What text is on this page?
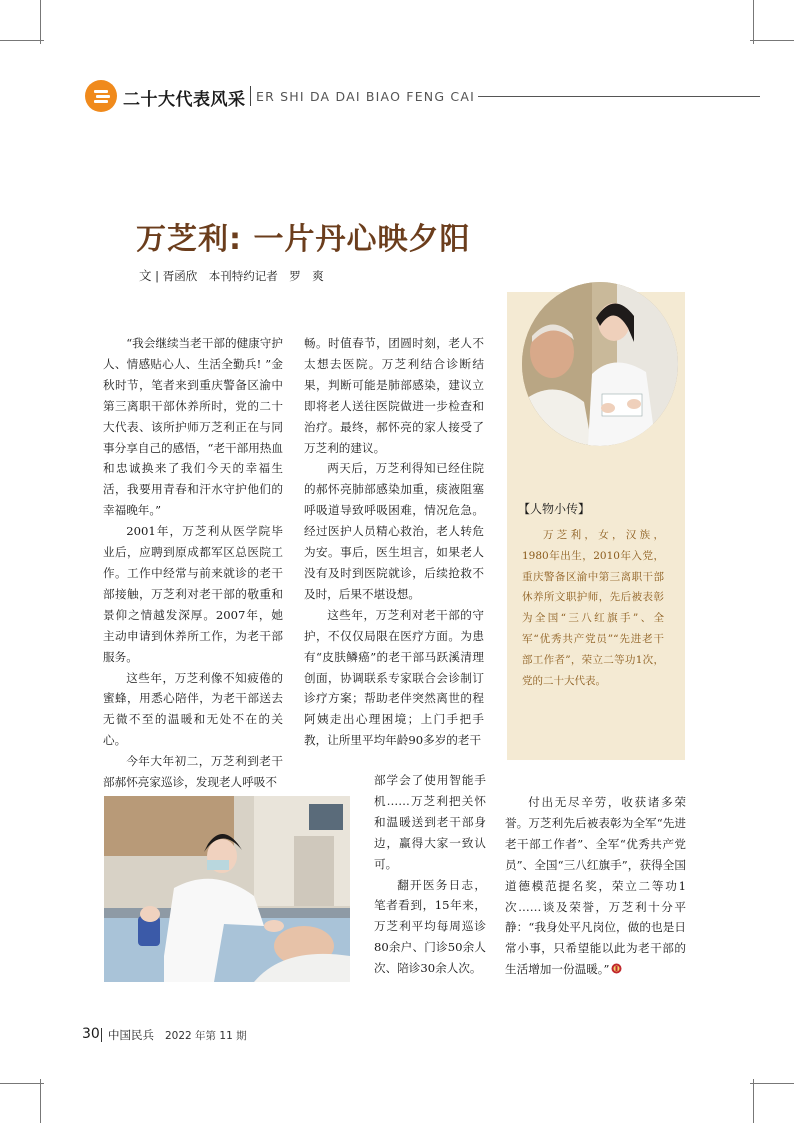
二十大代表风采 ER SHI DA DAI BIAO FENG CAI
万芝利: 一片丹心映夕阳
文 | 胥函欣　本刊特约记者　罗　爽
【人物小传】

万芝利，女，汉族，1980年出生，2010年入党，重庆警备区渝中第三离职干部休养所文职护师，先后被表彰为全国“三八红旗手”、全军“优秀共产党员”“先进老干部工作者”，荣立二等功1次，党的二十大代表。

“我会继续当老干部的健康守护人、情感贴心人、生活全勤兵! ”金秋时节，笔者来到重庆警备区渝中第三离职干部休养所时，党的二十大代表、该所护师万芝利正在与同事分享自己的感悟，“老干部用热血和忠诚换来了我们今天的幸福生活，我要用青春和汗水守护他们的幸福晚年。”

2001年，万芝利从医学院毕业后，应聘到原成都军区总医院工作。工作中经常与前来就诊的老干部接触，万芝利对老干部的敬重和景仰之情越发深厚。2007年，她主动申请到休养所工作，为老干部服务。

这些年，万芝利像不知疲倦的蜜蜂，用悉心陪伴，为老干部送去无微不至的温暖和无处不在的关心。

今年大年初二，万芝利到老干部郝怀亮家巡诊，发现老人呼吸不

畅。时值春节，团圆时刻，老人不太想去医院。万芝利结合诊断结果，判断可能是肺部感染，建议立即将老人送往医院做进一步检查和治疗。最终，郝怀亮的家人接受了万芝利的建议。

两天后，万芝利得知已经住院的郝怀亮肺部感染加重，痰液阻塞呼吸道导致呼吸困难，情况危急。经过医护人员精心救治，老人转危为安。事后，医生坦言，如果老人没有及时到医院就诊，后续抢救不及时，后果不堪设想。

这些年，万芝利对老干部的守护，不仅仅局限在医疗方面。为患有“皮肤鳞癌”的老干部马跃溪清理创面，协调联系专家联合会诊制订诊疗方案；帮助老伴突然离世的程阿姨走出心理困境；上门手把手教，让所里平均年龄90多岁的老干

部学会了使用智能手机……万芝利把关怀和温暖送到老干部身边，赢得大家一致认可。

翻开医务日志，笔者看到，15年来，万芝利平均每周巡诊80余户、门诊50余人次、陪诊30余人次。

付出无尽辛劳，收获诸多荣誉。万芝利先后被表彰为全军“先进老干部工作者”、全军“优秀共产党员”、全国“三八红旗手”，获得全国道德模范提名奖，荣立二等功1次……谈及荣誉，万芝利十分平静：“我身处平凡岗位，做的也是日常小事，只希望能以此为老干部的生活增加一份温暖。”

30 中国民兵 2022 年第 11 期
